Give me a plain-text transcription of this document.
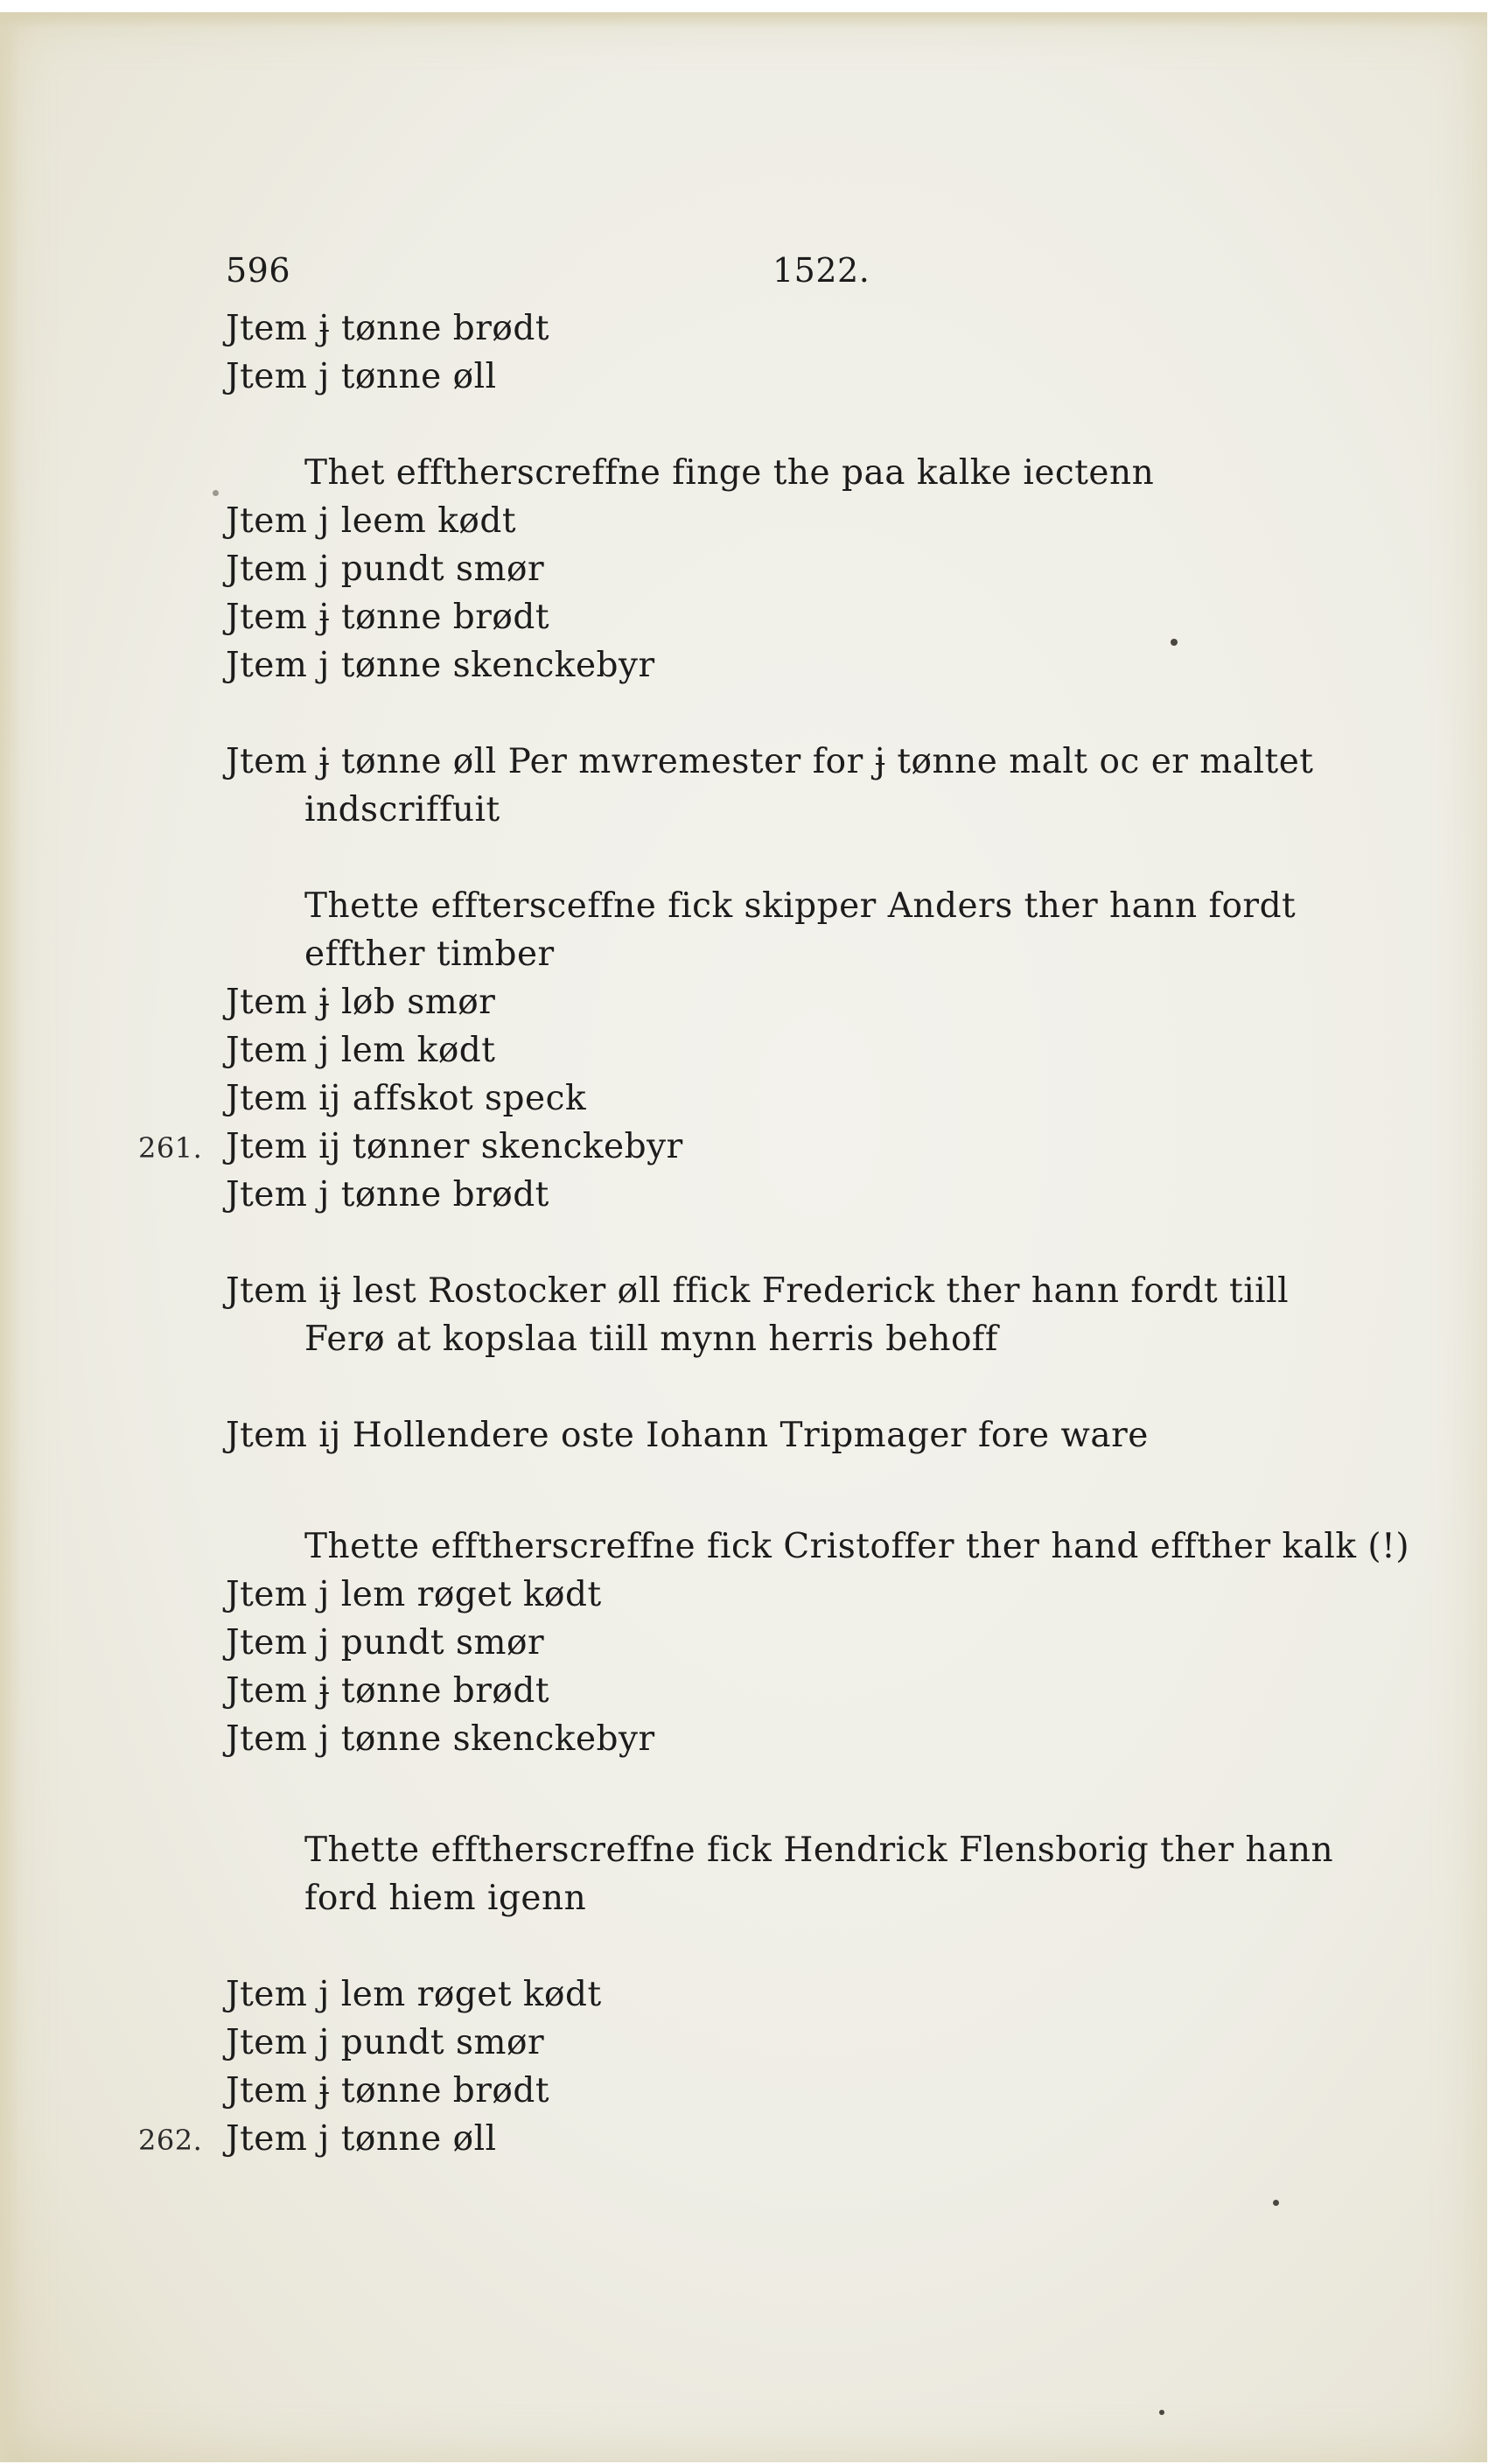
596	1522.
Jtem ɉ tønne brødt
Jtem j tønne øll
Thet efftherscreffne finge the paa kalke iectenn
Jtem j leem kødt
Jtem j pundt smør
Jtem ɉ tønne brødt
Jtem j tønne skenckebyr
Jtem ɉ tønne øll Per mwremester for ɉ tønne malt oc er maltet
indscriffuit
Thette efftersceffne fick skipper Anders ther hann fordt
effther timber
Jtem ɉ løb smør
Jtem j lem kødt
Jtem ij affskot speck
261. Jtem ij tønner skenckebyr
Jtem j tønne brødt
Jtem iɉ lest Rostocker øll ffick Frederick ther hann fordt tiill
Ferø at kopslaa tiill mynn herris behoff
Jtem ij Hollendere oste Iohann Tripmager fore ware
Thette efftherscreffne fick Cristoffer ther hand effther kalk (!)
Jtem j lem røget kødt
Jtem j pundt smør
Jtem ɉ tønne brødt
Jtem j tønne skenckebyr
Thette efftherscreffne fick Hendrick Flensborig ther hann
ford hiem igenn
Jtem j lem røget kødt
Jtem j pundt smør
Jtem ɉ tønne brødt
262. Jtem j tønne øll
